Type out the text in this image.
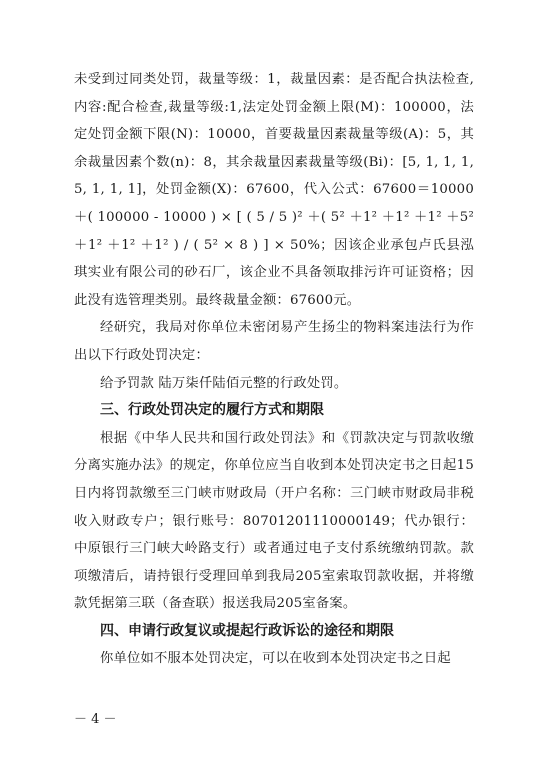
未受到过同类处罚，裁量等级：1，裁量因素：是否配合执法检查,内容:配合检查,裁量等级:1,法定处罚金额上限(M)：100000，法定处罚金额下限(N)：10000，首要裁量因素裁量等级(A)：5，其余裁量因素个数(n)：8，其余裁量因素裁量等级(Bi)：[5, 1, 1, 1, 5, 1, 1, 1]，处罚金额(X)：67600，代入公式：67600＝10000＋( 100000 - 10000 ) × [ ( 5 / 5 )² ＋( 5² ＋1² ＋1² ＋1² ＋5² ＋1² ＋1² ＋1² ) / ( 5² × 8 ) ] × 50%；因该企业承包卢氏县泓琪实业有限公司的砂石厂，该企业不具备领取排污许可证资格；因此没有选管理类别。最终裁量金额：67600元。

经研究，我局对你单位未密闭易产生扬尘的物料案违法行为作出以下行政处罚决定：

给予罚款 陆万柒仟陆佰元整的行政处罚。

三、行政处罚决定的履行方式和期限

根据《中华人民共和国行政处罚法》和《罚款决定与罚款收缴分离实施办法》的规定，你单位应当自收到本处罚决定书之日起15日内将罚款缴至三门峡市财政局（开户名称：三门峡市财政局非税收入财政专户；银行账号：80701201110000149；代办银行：中原银行三门峡大岭路支行）或者通过电子支付系统缴纳罚款。款项缴清后，请持银行受理回单到我局205室索取罚款收据，并将缴款凭据第三联（备查联）报送我局205室备案。

四、申请行政复议或提起行政诉讼的途径和期限

你单位如不服本处罚决定，可以在收到本处罚决定书之日起

－ 4 －
